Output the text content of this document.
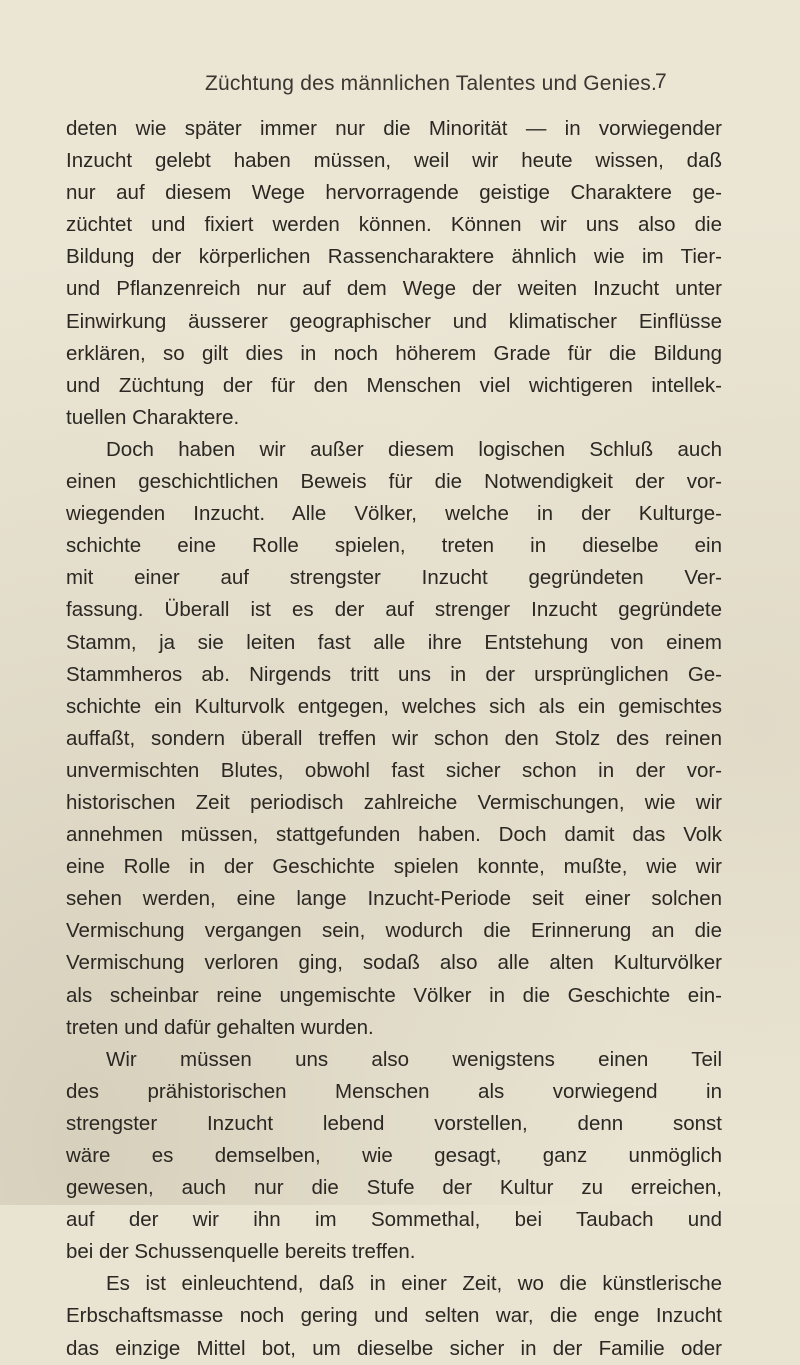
Züchtung des männlichen Talentes und Genies.
7
deten wie später immer nur die Minorität — in vorwiegender
Inzucht gelebt haben müssen, weil wir heute wissen, daß
nur auf diesem Wege hervorragende geistige Charaktere ge-
züchtet und fixiert werden können. Können wir uns also die
Bildung der körperlichen Rassencharaktere ähnlich wie im Tier-
und Pflanzenreich nur auf dem Wege der weiten Inzucht unter
Einwirkung äusserer geographischer und klimatischer Einflüsse
erklären, so gilt dies in noch höherem Grade für die Bildung
und Züchtung der für den Menschen viel wichtigeren intellek-
tuellen Charaktere.
Doch haben wir außer diesem logischen Schluß auch
einen geschichtlichen Beweis für die Notwendigkeit der vor-
wiegenden Inzucht. Alle Völker, welche in der Kulturge-
schichte eine Rolle spielen, treten in dieselbe ein
mit einer auf strengster Inzucht gegründeten Ver-
fassung. Überall ist es der auf strenger Inzucht gegründete
Stamm, ja sie leiten fast alle ihre Entstehung von einem
Stammheros ab. Nirgends tritt uns in der ursprünglichen Ge-
schichte ein Kulturvolk entgegen, welches sich als ein gemischtes
auffaßt, sondern überall treffen wir schon den Stolz des reinen
unvermischten Blutes, obwohl fast sicher schon in der vor-
historischen Zeit periodisch zahlreiche Vermischungen, wie wir
annehmen müssen, stattgefunden haben. Doch damit das Volk
eine Rolle in der Geschichte spielen konnte, mußte, wie wir
sehen werden, eine lange Inzucht-Periode seit einer solchen
Vermischung vergangen sein, wodurch die Erinnerung an die
Vermischung verloren ging, sodaß also alle alten Kulturvölker
als scheinbar reine ungemischte Völker in die Geschichte ein-
treten und dafür gehalten wurden.
Wir müssen uns also wenigstens einen Teil
des prähistorischen Menschen als vorwiegend in
strengster Inzucht lebend vorstellen, denn sonst
wäre es demselben, wie gesagt, ganz unmöglich
gewesen, auch nur die Stufe der Kultur zu erreichen,
auf der wir ihn im Sommethal, bei Taubach und
bei der Schussenquelle bereits treffen.
Es ist einleuchtend, daß in einer Zeit, wo die künstlerische
Erbschaftsmasse noch gering und selten war, die enge Inzucht
das einzige Mittel bot, um dieselbe sicher in der Familie oder
